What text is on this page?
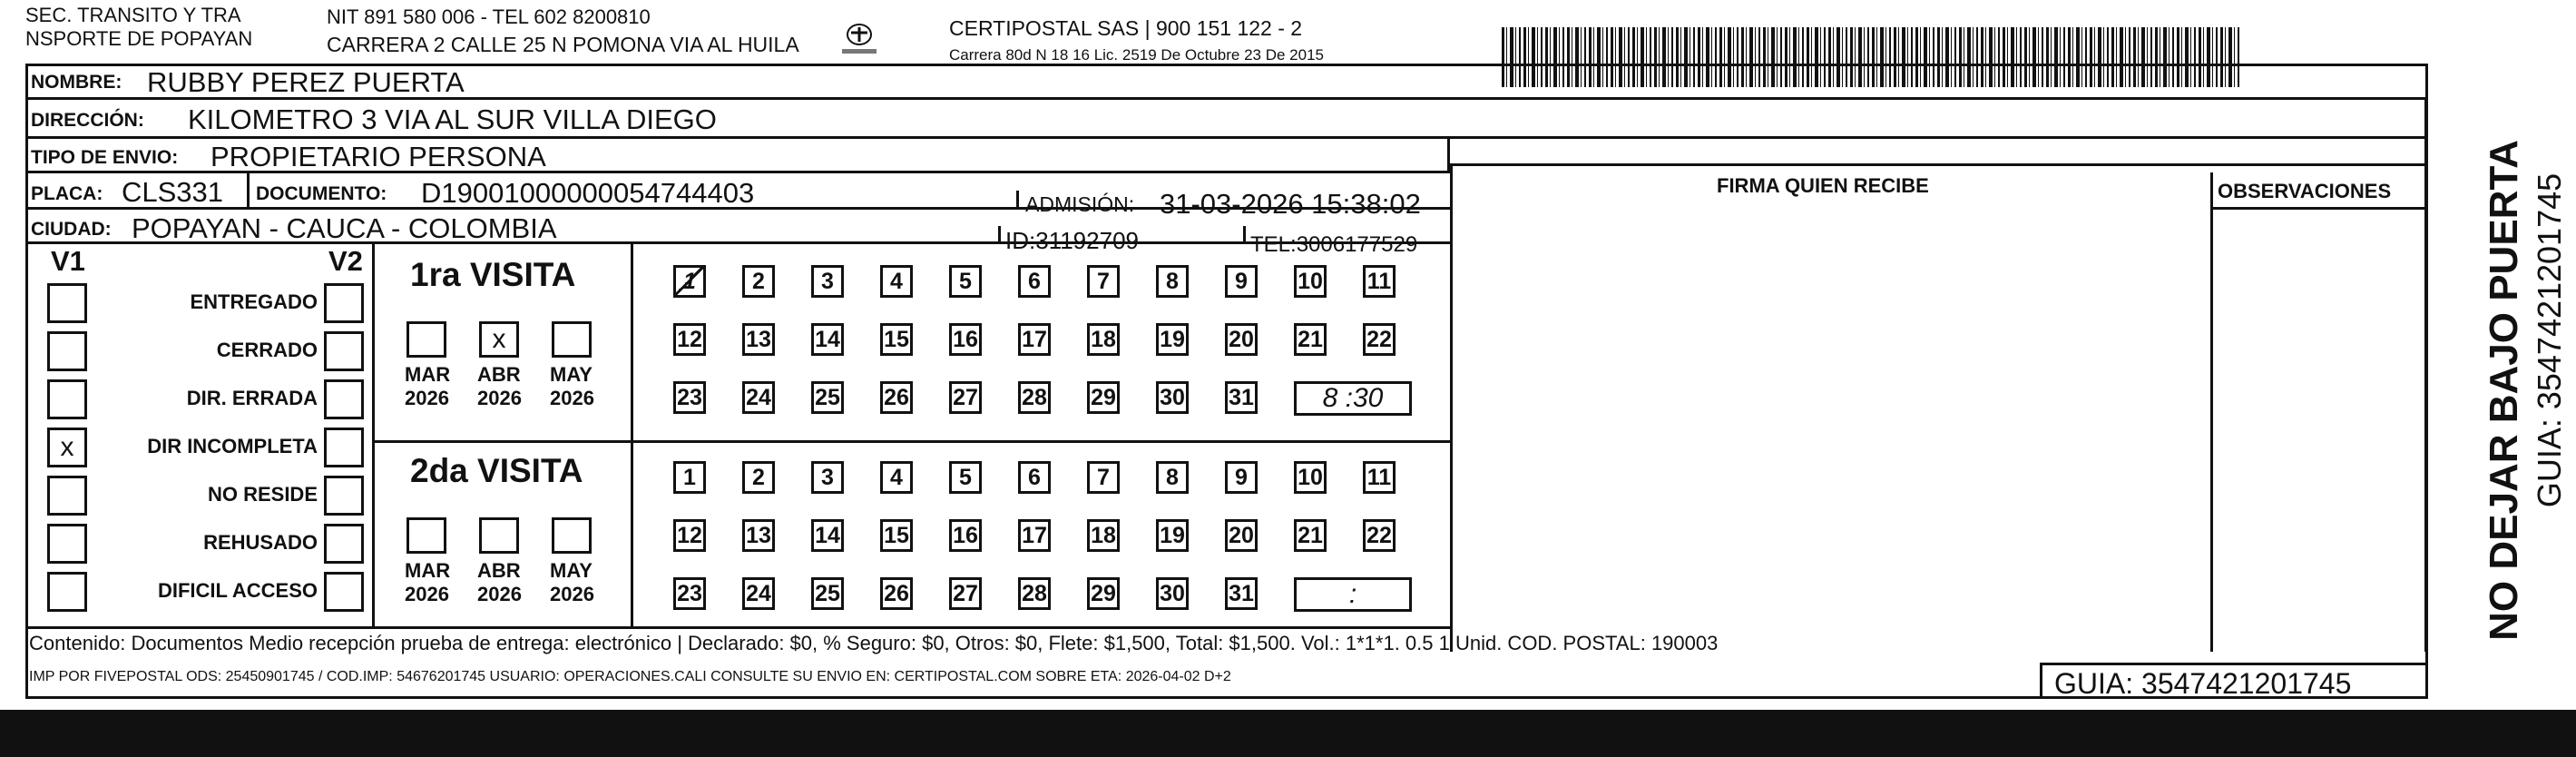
SEC. TRANSITO Y TRA
NSPORTE DE POPAYAN
NIT 891 580 006 - TEL 602 8200810
CARRERA 2 CALLE 25 N POMONA VIA AL HUILA
CERTIPOSTAL SAS | 900 151 122 - 2
Carrera 80d N 18 16 Lic. 2519 De Octubre 23 De 2015
NOMBRE: RUBBY PEREZ PUERTA
DIRECCIÓN: KILOMETRO 3 VIA AL SUR VILLA DIEGO
TIPO DE ENVIO: PROPIETARIO PERSONA
PLACA: CLS331 DOCUMENTO: D19001000000054744403	ADMISIÓN: 31-03-2026 15:38:02
CIUDAD: POPAYAN - CAUCA - COLOMBIA	ID:31192709	TEL:3006177529
FIRMA QUIEN RECIBE	OBSERVACIONES
V1	V2
ENTREGADO
CERRADO
DIR. ERRADA
x	DIR INCOMPLETA
NO RESIDE
REHUSADO
DIFICIL ACCESO
1ra VISITA
MAR
2026
x
ABR
2026
MAY
2026
1	2	3	4	5	6	7	8	9	10 11
12 13 14 15 16 17 18 19 20 21 22
23 24 25 26 27 28 29 30 31	8 :30
2da VISITA
MAR
2026
ABR
2026
MAY
2026
1	2	3	4	5	6	7	8	9	10 11
12 13 14 15 16 17 18 19 20 21 22
23 24 25 26 27 28 29 30 31	:
Contenido: Documentos Medio recepción prueba de entrega: electrónico | Declarado: $0, % Seguro: $0, Otros: $0, Flete: $1,500, Total: $1,500. Vol.: 1*1*1. 0.5 1 Unid. COD. POSTAL: 190003
IMP POR FIVEPOSTAL ODS: 25450901745 / COD.IMP: 54676201745 USUARIO: OPERACIONES.CALI CONSULTE SU ENVIO EN: CERTIPOSTAL.COM SOBRE ETA: 2026-04-02 D+2	GUIA: 3547421201745
NO DEJAR BAJO PUERTA GUIA: 3547421201745
